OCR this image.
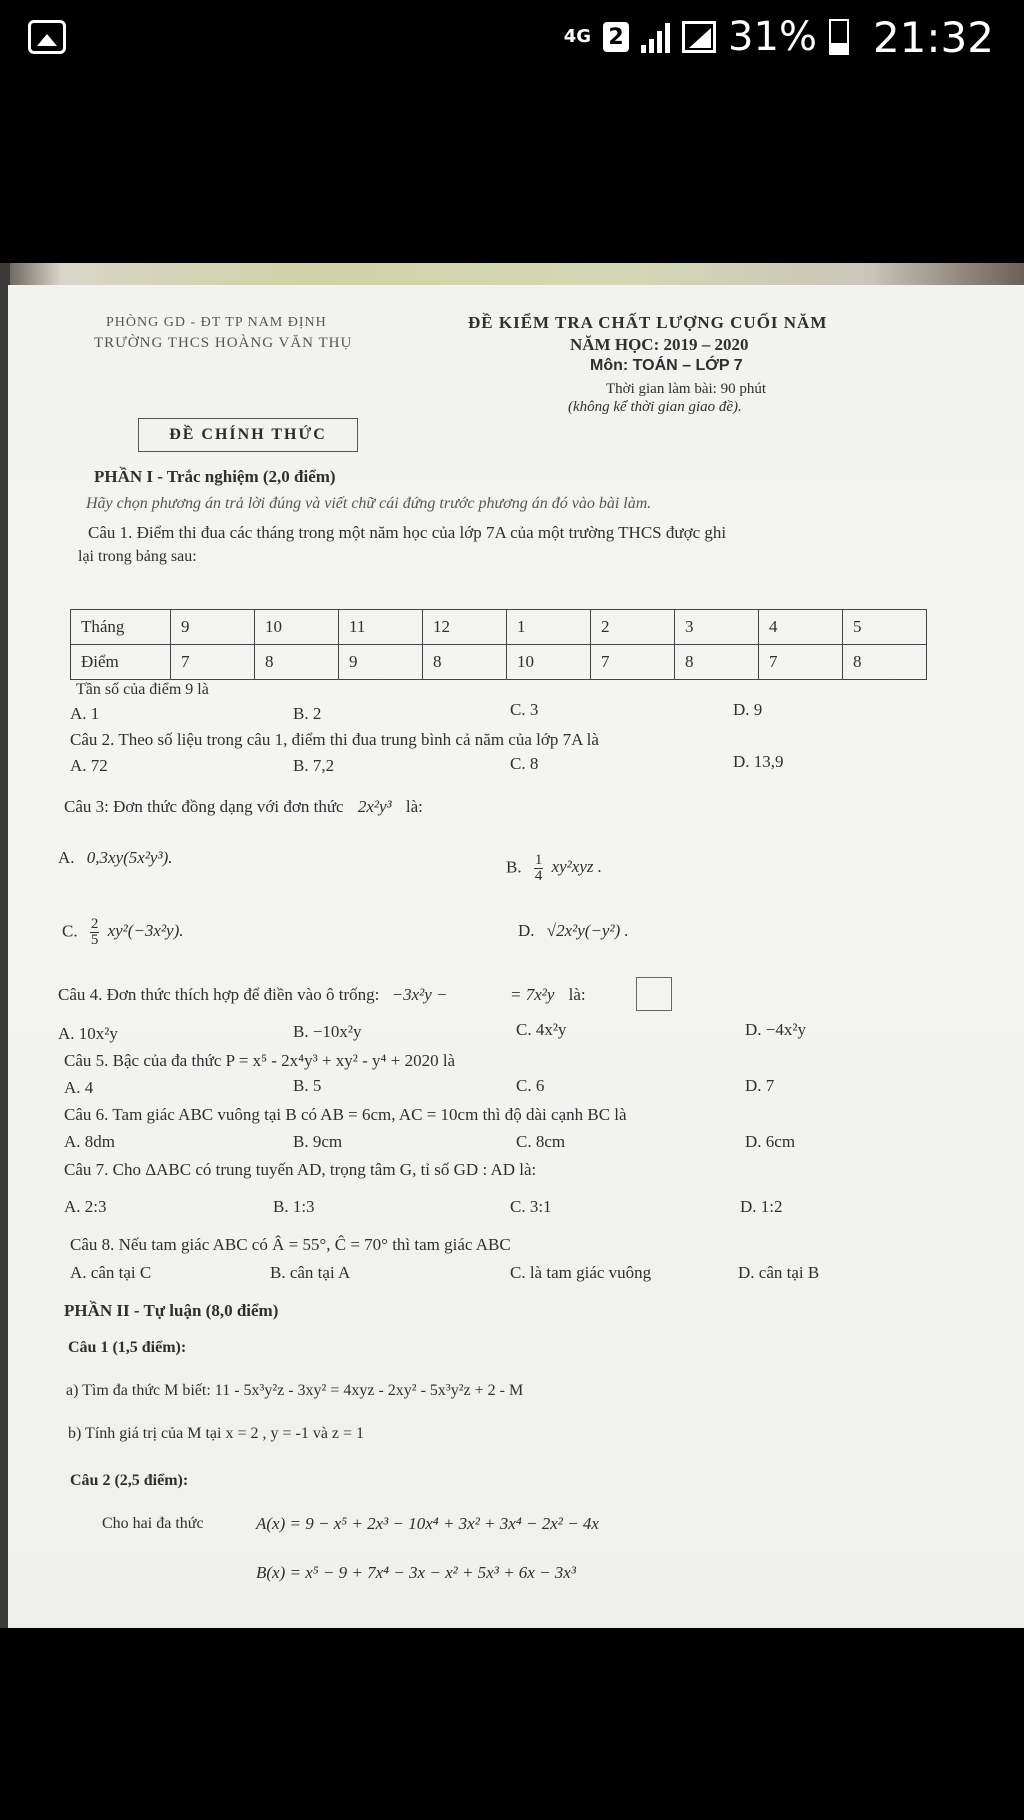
4G 2	31% 21:32
PHÒNG GD - ĐT TP NAM ĐỊNH
TRƯỜNG THCS HOÀNG VĂN THỤ
ĐỀ CHÍNH THỨC
ĐỀ KIỂM TRA CHẤT LƯỢNG CUỐI NĂM
NĂM HỌC: 2019 – 2020
Môn: TOÁN – LỚP 7
Thời gian làm bài: 90 phút
(không kể thời gian giao đề).
PHẦN I - Trắc nghiệm (2,0 điểm)
Hãy chọn phương án trả lời đúng và viết chữ cái đứng trước phương án đó vào bài làm.
Câu 1. Điểm thi đua các tháng trong một năm học của lớp 7A của một trường THCS được ghi
lại trong bảng sau:
Tháng	9	10	11	12	1	2	3	4	5
Điểm	7	8	9	8	10	7	8	7	8
Tần số của điểm 9 là
A. 1	B. 2	C. 3	D. 9
Câu 2. Theo số liệu trong câu 1, điểm thi đua trung bình cả năm của lớp 7A là
A. 72	B. 7,2	C. 8	D. 13,9
Câu 3: Đơn thức đồng dạng với đơn thức 2x²y³ là:
A. 0,3xy(5x²y³).	B. $\frac{1}{4} xy^2xyz$ .
C. $\frac{2}{5} xy^2(-3x^2y)$.	D. √2x²y(−y²) .
Câu 4. Đơn thức thích hợp để điền vào ô trống: −3x²y −	= 7x²y là:
A. 10x²y	B. −10x²y	C. 4x²y	D. −4x²y
Câu 5. Bậc của đa thức P = x⁵ - 2x⁴y³ + xy² - y⁴ + 2020 là
A. 4	B. 5	C. 6	D. 7
Câu 6. Tam giác ABC vuông tại B có AB = 6cm, AC = 10cm thì độ dài cạnh BC là
A. 8dm	B. 9cm	C. 8cm	D. 6cm
Câu 7. Cho ΔABC có trung tuyến AD, trọng tâm G, tỉ số GD : AD là:
A. 2:3	B. 1:3	C. 3:1	D. 1:2
Câu 8. Nếu tam giác ABC có Â = 55°, Ĉ = 70° thì tam giác ABC
A. cân tại C	B. cân tại A	C. là tam giác vuông	D. cân tại B
PHẦN II - Tự luận (8,0 điểm)
Câu 1 (1,5 điểm):
a) Tìm đa thức M biết: 11 - 5x³y²z - 3xy² = 4xyz - 2xy² - 5x³y²z + 2 - M
b) Tính giá trị của M tại x = 2 , y = -1 và z = 1
Câu 2 (2,5 điểm):
Cho hai đa thức	A(x) = 9 − x⁵ + 2x³ − 10x⁴ + 3x² + 3x⁴ − 2x² − 4x
B(x) = x⁵ − 9 + 7x⁴ − 3x − x² + 5x³ + 6x − 3x³
